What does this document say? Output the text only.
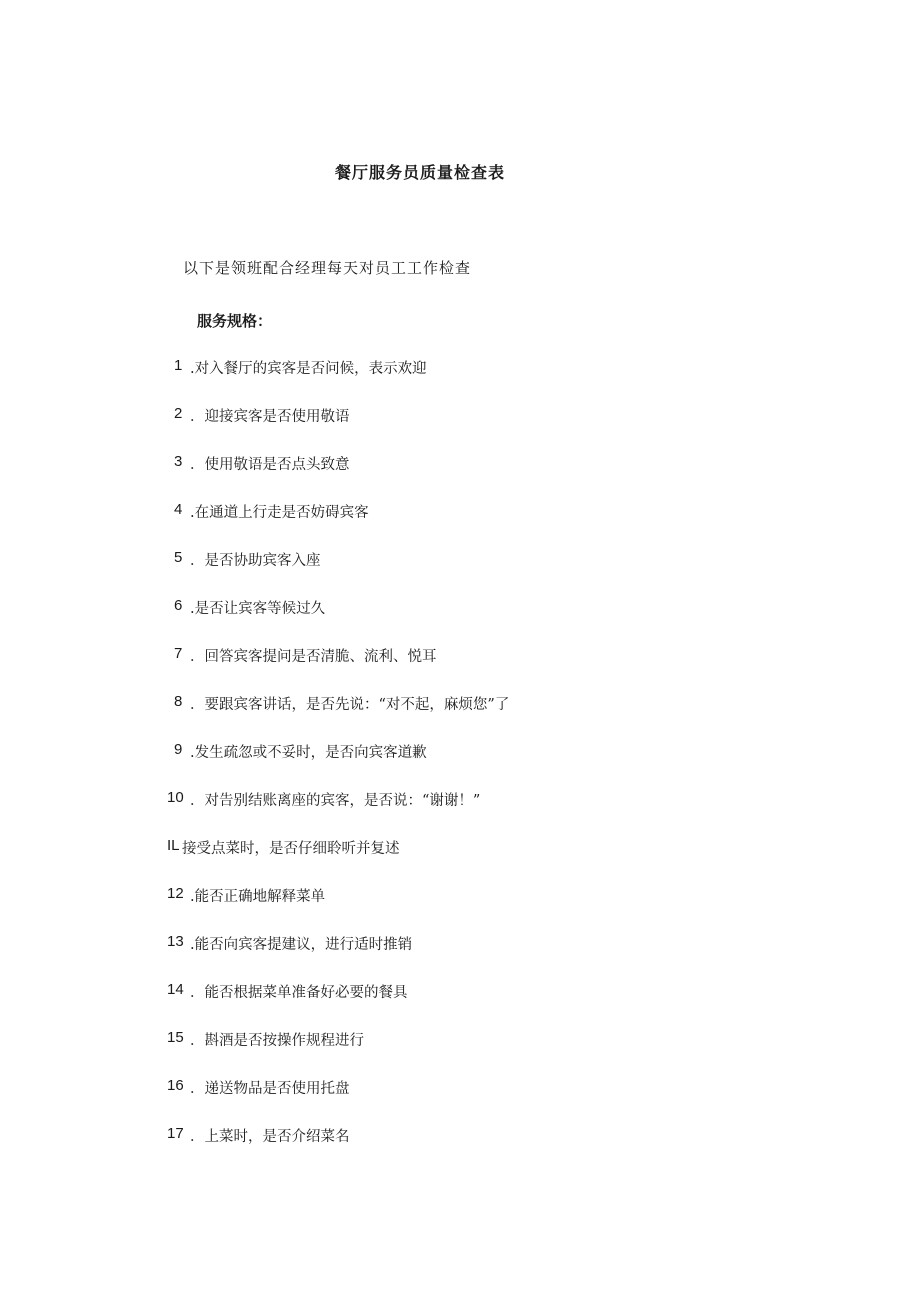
餐厅服务员质量检查表
以下是领班配合经理每天对员工工作检查
服务规格：
1 .对入餐厅的宾客是否问候，表示欢迎
2 ．迎接宾客是否使用敬语
3 ．使用敬语是否点头致意
4 .在通道上行走是否妨碍宾客
5 ．是否协助宾客入座
6 .是否让宾客等候过久
7 ．回答宾客提问是否清脆、流利、悦耳
8 ．要跟宾客讲话，是否先说：“对不起，麻烦您”了
9 .发生疏忽或不妥时，是否向宾客道歉
10 ．对告别结账离座的宾客，是否说：“谢谢！”
IL 接受点菜时，是否仔细聆听并复述
12 .能否正确地解释菜单
13 .能否向宾客提建议，进行适时推销
14 ．能否根据菜单准备好必要的餐具
15 ．斟酒是否按操作规程进行
16 ．递送物品是否使用托盘
17 ．上菜时，是否介绍菜名
